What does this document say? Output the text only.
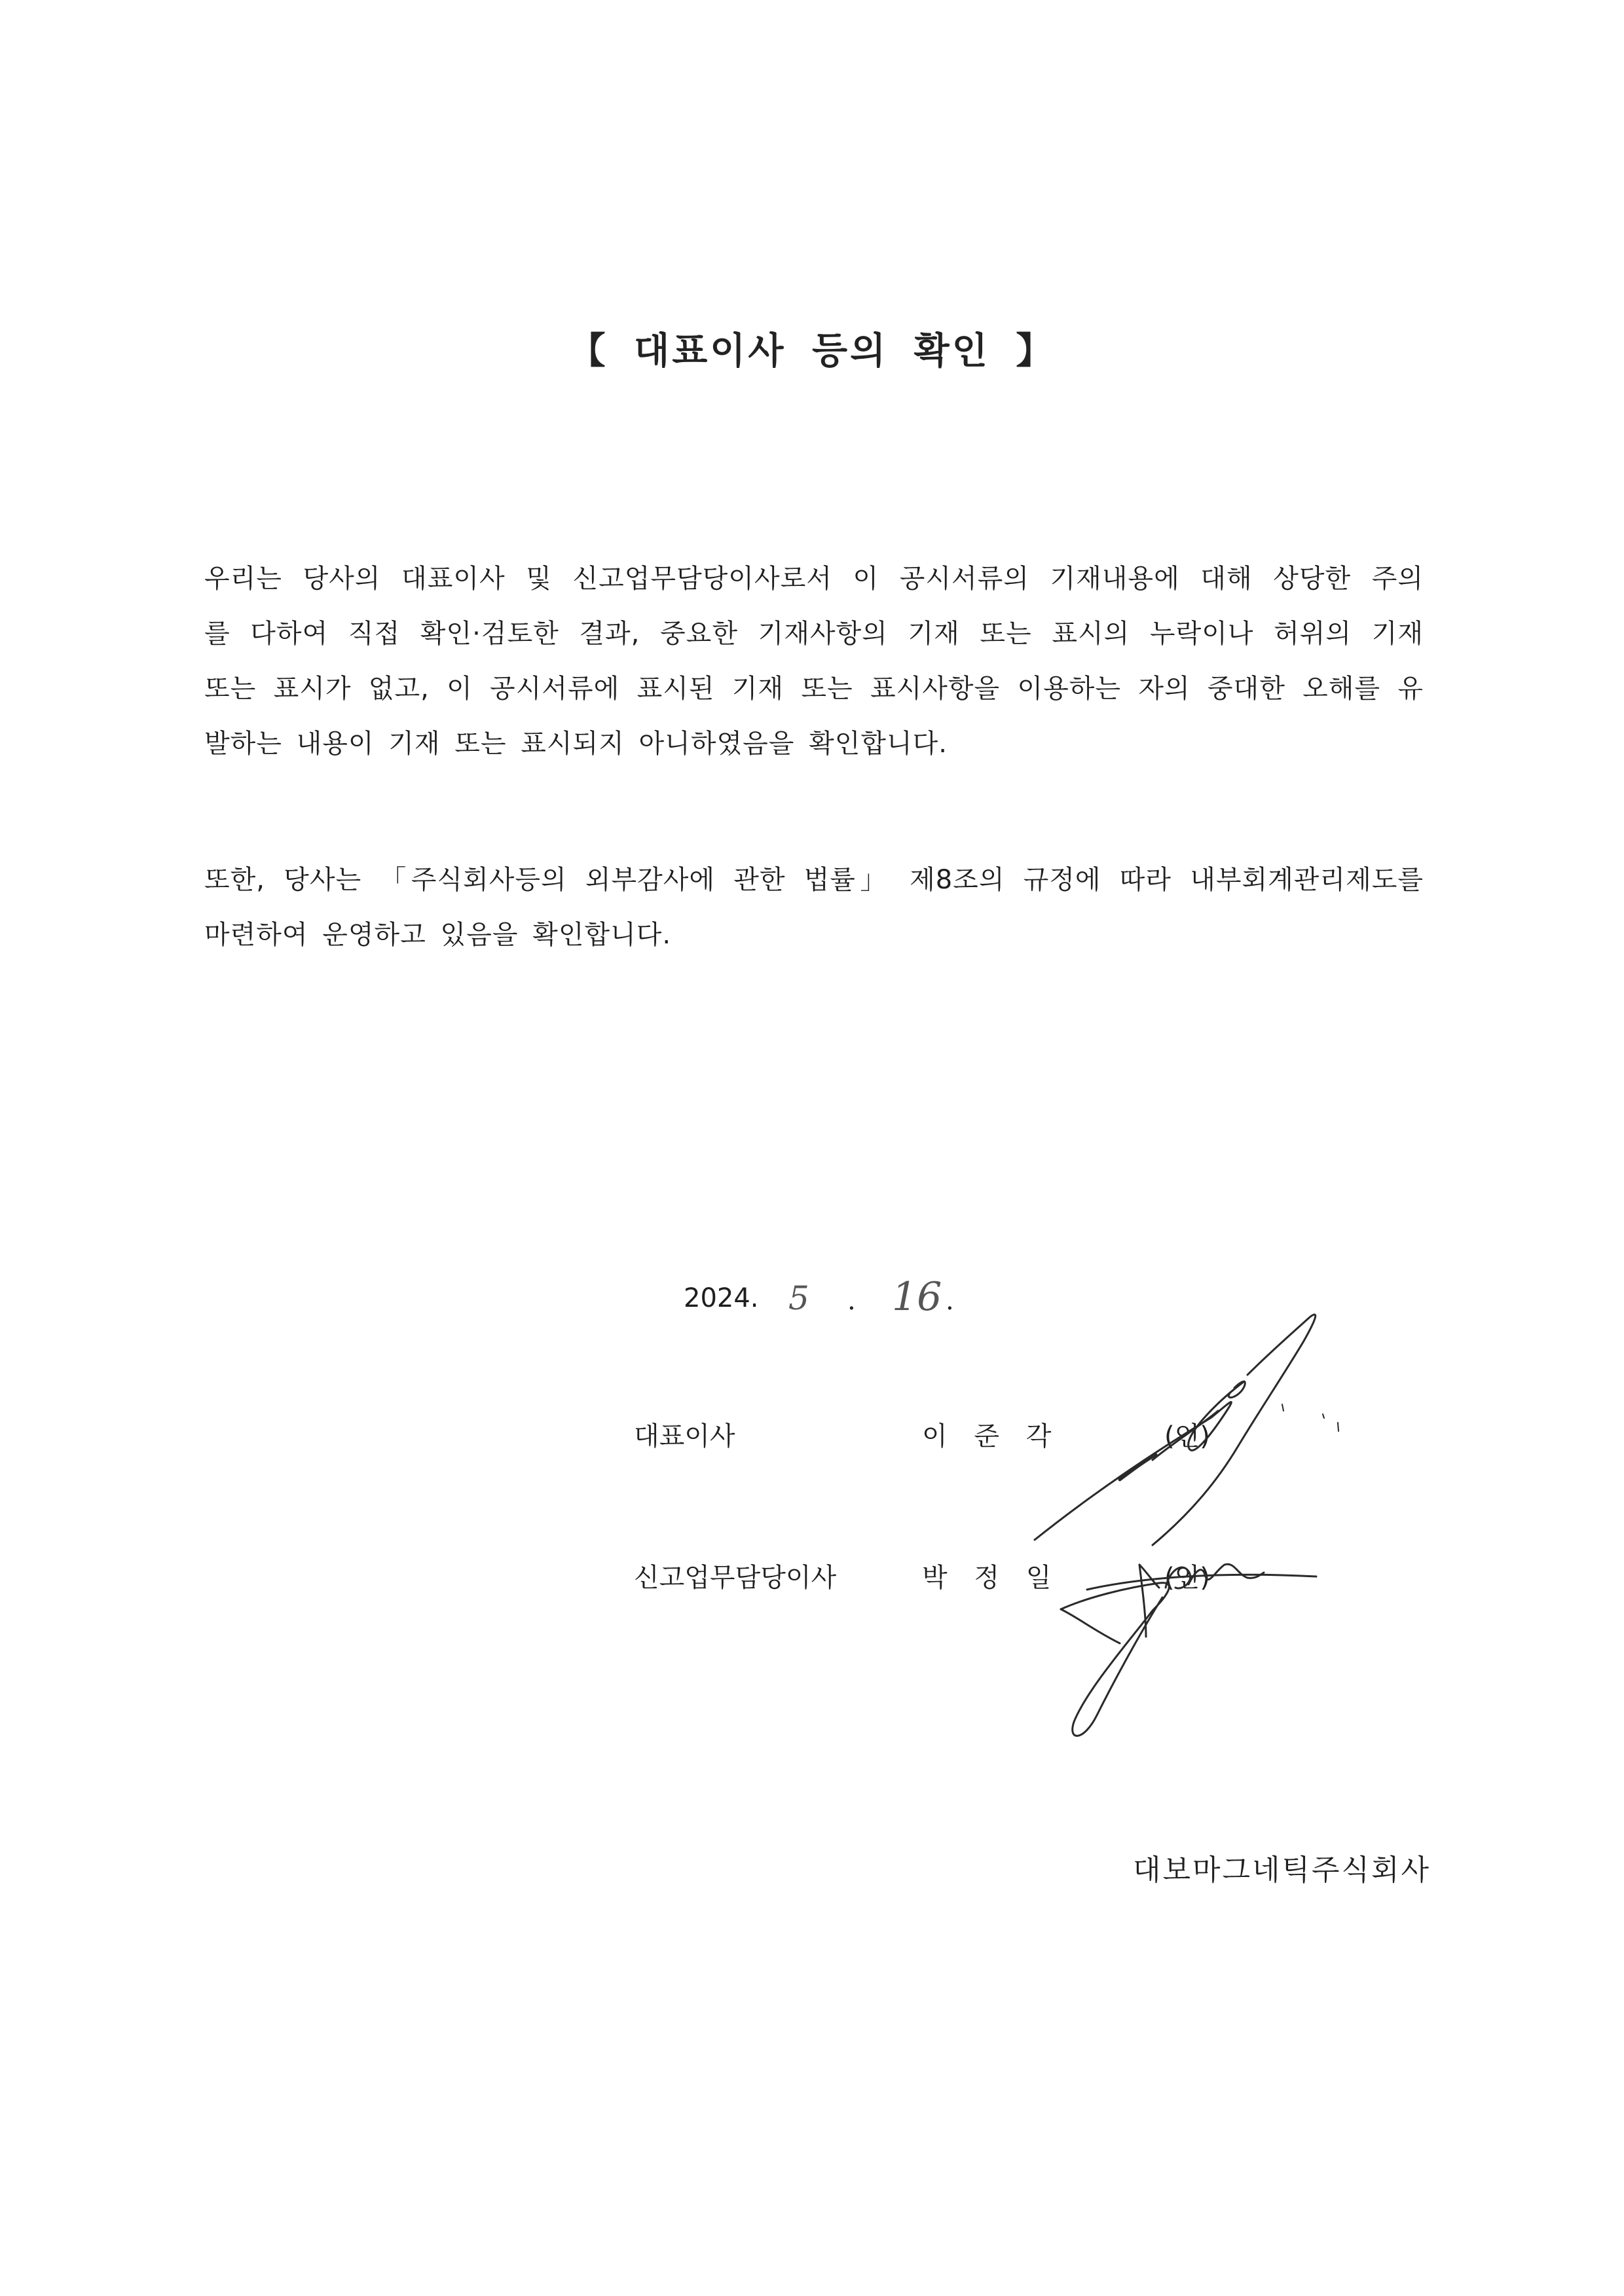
【 대표이사 등의 확인 】
우리는 당사의 대표이사 및 신고업무담당이사로서 이 공시서류의 기재내용에 대해 상당한 주의
를 다하여 직접 확인·검토한 결과, 중요한 기재사항의 기재 또는 표시의 누락이나 허위의 기재
또는 표시가 없고, 이 공시서류에 표시된 기재 또는 표시사항을 이용하는 자의 중대한 오해를 유
발하는 내용이 기재 또는 표시되지 아니하였음을 확인합니다.
또한, 당사는 「주식회사등의 외부감사에 관한 법률」 제8조의 규정에 따라 내부회계관리제도를
마련하여 운영하고 있음을 확인합니다.
2024. 5 . 16 .
대표이사	이 준 각	(인)
신고업무담당이사	박 정 일	(인)
대보마그네틱주식회사
